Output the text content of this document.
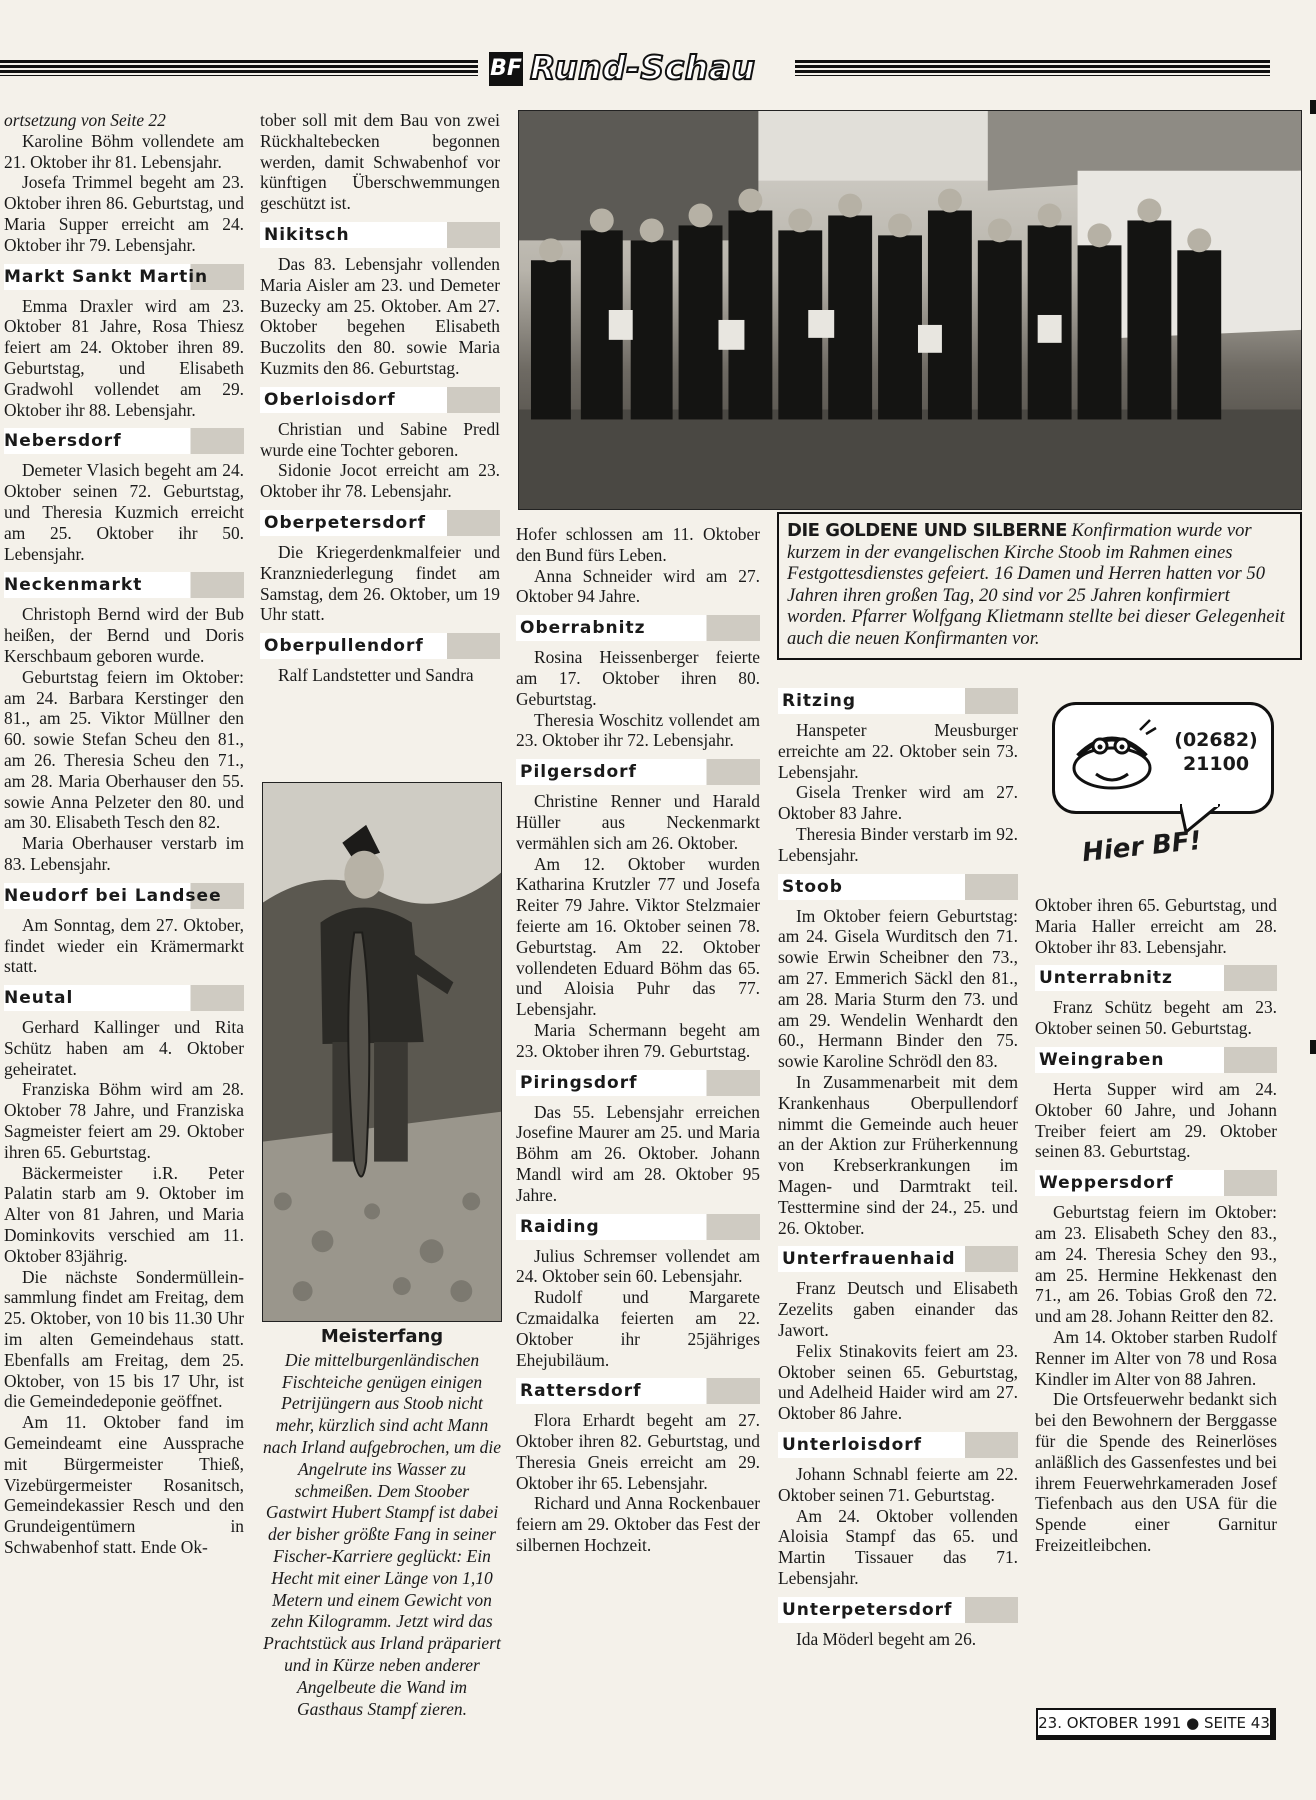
BF Rund-Schau

ortsetzung von Seite 22

Karoline Böhm vollendete am 21. Oktober ihr 81. Lebensjahr.

Josefa Trimmel begeht am 23. Oktober ihren 86. Geburtstag, und Maria Supper erreicht am 24. Oktober ihr 79. Lebensjahr.

Markt Sankt Martin

Emma Draxler wird am 23. Oktober 81 Jahre, Rosa Thiesz feiert am 24. Oktober ihren 89. Geburtstag, und Elisabeth Gradwohl vollendet am 29. Oktober ihr 88. Lebensjahr.

Nebersdorf

Demeter Vlasich begeht am 24. Oktober seinen 72. Geburtstag, und Theresia Kuzmich erreicht am 25. Oktober ihr 50. Lebensjahr.

Neckenmarkt

Christoph Bernd wird der Bub heißen, der Bernd und Doris Kerschbaum geboren wurde.

Geburtstag feiern im Oktober: am 24. Barbara Kerstinger den 81., am 25. Viktor Müllner den 60. sowie Stefan Scheu den 81., am 26. Theresia Scheu den 71., am 28. Maria Oberhauser den 55. sowie Anna Pelzeter den 80. und am 30. Elisabeth Tesch den 82.

Maria Oberhauser verstarb im 83. Lebensjahr.

Neudorf bei Landsee

Am Sonntag, dem 27. Oktober, findet wieder ein Krämermarkt statt.

Neutal

Gerhard Kallinger und Rita Schütz haben am 4. Oktober geheiratet.

Franziska Böhm wird am 28. Oktober 78 Jahre, und Franziska Sagmeister feiert am 29. Oktober ihren 65. Geburtstag.

Bäckermeister i.R. Peter Palatin starb am 9. Oktober im Alter von 81 Jahren, und Maria Dominkovits verschied am 11. Oktober 83jährig.

Die nächste Sondermülleinsammlung findet am Freitag, dem 25. Oktober, von 10 bis 11.30 Uhr im alten Gemeindehaus statt. Ebenfalls am Freitag, dem 25. Oktober, von 15 bis 17 Uhr, ist die Gemeindedeponie geöffnet.

Am 11. Oktober fand im Gemeindeamt eine Aussprache mit Bürgermeister Thieß, Vizebürgermeister Rosanitsch, Gemeindekassier Resch und den Grundeigentümern in Schwabenhof statt. Ende Ok-

tober soll mit dem Bau von zwei Rückhaltebecken begonnen werden, damit Schwabenhof vor künftigen Überschwemmungen geschützt ist.

Nikitsch

Das 83. Lebensjahr vollenden Maria Aisler am 23. und Demeter Buzecky am 25. Oktober. Am 27. Oktober begehen Elisabeth Buczolits den 80. sowie Maria Kuzmits den 86. Geburtstag.

Oberloisdorf

Christian und Sabine Predl wurde eine Tochter geboren.

Sidonie Jocot erreicht am 23. Oktober ihr 78. Lebensjahr.

Oberpetersdorf

Die Kriegerdenkmalfeier und Kranzniederlegung findet am Samstag, dem 26. Oktober, um 19 Uhr statt.

Oberpullendorf

Ralf Landstetter und Sandra

Meisterfang
Die mittelburgenländischen Fischteiche genügen einigen Petrijüngern aus Stoob nicht mehr, kürzlich sind acht Mann nach Irland aufgebrochen, um die Angelrute ins Wasser zu schmeißen. Dem Stoober Gastwirt Hubert Stampf ist dabei der bisher größte Fang in seiner Fischer-Karriere geglückt: Ein Hecht mit einer Länge von 1,10 Metern und einem Gewicht von zehn Kilogramm. Jetzt wird das Prachtstück aus Irland präpariert und in Kürze neben anderer Angelbeute die Wand im Gasthaus Stampf zieren.
DIE GOLDENE UND SILBERNE Konfirmation wurde vor kurzem in der evangelischen Kirche Stoob im Rahmen eines Festgottesdienstes gefeiert. 16 Damen und Herren hatten vor 50 Jahren ihren großen Tag, 20 sind vor 25 Jahren konfirmiert worden. Pfarrer Wolfgang Klietmann stellte bei dieser Gelegenheit auch die neuen Konfirmanten vor.

Hofer schlossen am 11. Oktober den Bund fürs Leben.

Anna Schneider wird am 27. Oktober 94 Jahre.

Oberrabnitz

Rosina Heissenberger feierte am 17. Oktober ihren 80. Geburtstag.

Theresia Woschitz vollendet am 23. Oktober ihr 72. Lebensjahr.

Pilgersdorf

Christine Renner und Harald Hüller aus Neckenmarkt vermählen sich am 26. Oktober.

Am 12. Oktober wurden Katharina Krutzler 77 und Josefa Reiter 79 Jahre. Viktor Stelzmaier feierte am 16. Oktober seinen 78. Geburtstag. Am 22. Oktober vollendeten Eduard Böhm das 65. und Aloisia Puhr das 77. Lebensjahr.

Maria Schermann begeht am 23. Oktober ihren 79. Geburtstag.

Piringsdorf

Das 55. Lebensjahr erreichen Josefine Maurer am 25. und Maria Böhm am 26. Oktober. Johann Mandl wird am 28. Oktober 95 Jahre.

Raiding

Julius Schremser vollendet am 24. Oktober sein 60. Lebensjahr.

Rudolf und Margarete Czmaidalka feierten am 22. Oktober ihr 25jähriges Ehejubiläum.

Rattersdorf

Flora Erhardt begeht am 27. Oktober ihren 82. Geburtstag, und Theresia Gneis erreicht am 29. Oktober ihr 65. Lebensjahr.

Richard und Anna Rockenbauer feiern am 29. Oktober das Fest der silbernen Hochzeit.

Ritzing

Hanspeter Meusburger erreichte am 22. Oktober sein 73. Lebensjahr.

Gisela Trenker wird am 27. Oktober 83 Jahre.

Theresia Binder verstarb im 92. Lebensjahr.

Stoob

Im Oktober feiern Geburtstag: am 24. Gisela Wurditsch den 71. sowie Erwin Scheibner den 73., am 27. Emmerich Säckl den 81., am 28. Maria Sturm den 73. und am 29. Wendelin Wenhardt den 60., Hermann Binder den 75. sowie Karoline Schrödl den 83.

In Zusammenarbeit mit dem Krankenhaus Oberpullendorf nimmt die Gemeinde auch heuer an der Aktion zur Früherkennung von Krebserkrankungen im Magen- und Darmtrakt teil. Testtermine sind der 24., 25. und 26. Oktober.

Unterfrauenhaid

Franz Deutsch und Elisabeth Zezelits gaben einander das Jawort.

Felix Stinakovits feiert am 23. Oktober seinen 65. Geburtstag, und Adelheid Haider wird am 27. Oktober 86 Jahre.

Unterloisdorf

Johann Schnabl feierte am 22. Oktober seinen 71. Geburtstag.

Am 24. Oktober vollenden Aloisia Stampf das 65. und Martin Tissauer das 71. Lebensjahr.

Unterpetersdorf

Ida Möderl begeht am 26.

(02682)
21100
Hier BF!

Oktober ihren 65. Geburtstag, und Maria Haller erreicht am 28. Oktober ihr 83. Lebensjahr.

Unterrabnitz

Franz Schütz begeht am 23. Oktober seinen 50. Geburtstag.

Weingraben

Herta Supper wird am 24. Oktober 60 Jahre, und Johann Treiber feiert am 29. Oktober seinen 83. Geburtstag.

Weppersdorf

Geburtstag feiern im Oktober: am 23. Elisabeth Schey den 83., am 24. Theresia Schey den 93., am 25. Hermine Hekkenast den 71., am 26. Tobias Groß den 72. und am 28. Johann Reitter den 82.

Am 14. Oktober starben Rudolf Renner im Alter von 78 und Rosa Kindler im Alter von 88 Jahren.

Die Ortsfeuerwehr bedankt sich bei den Bewohnern der Berggasse für die Spende des Reinerlöses anläßlich des Gassenfestes und bei ihrem Feuerwehrkameraden Josef Tiefenbach aus den USA für die Spende einer Garnitur Freizeitleibchen.

23. OKTOBER 1991 ● SEITE 43
